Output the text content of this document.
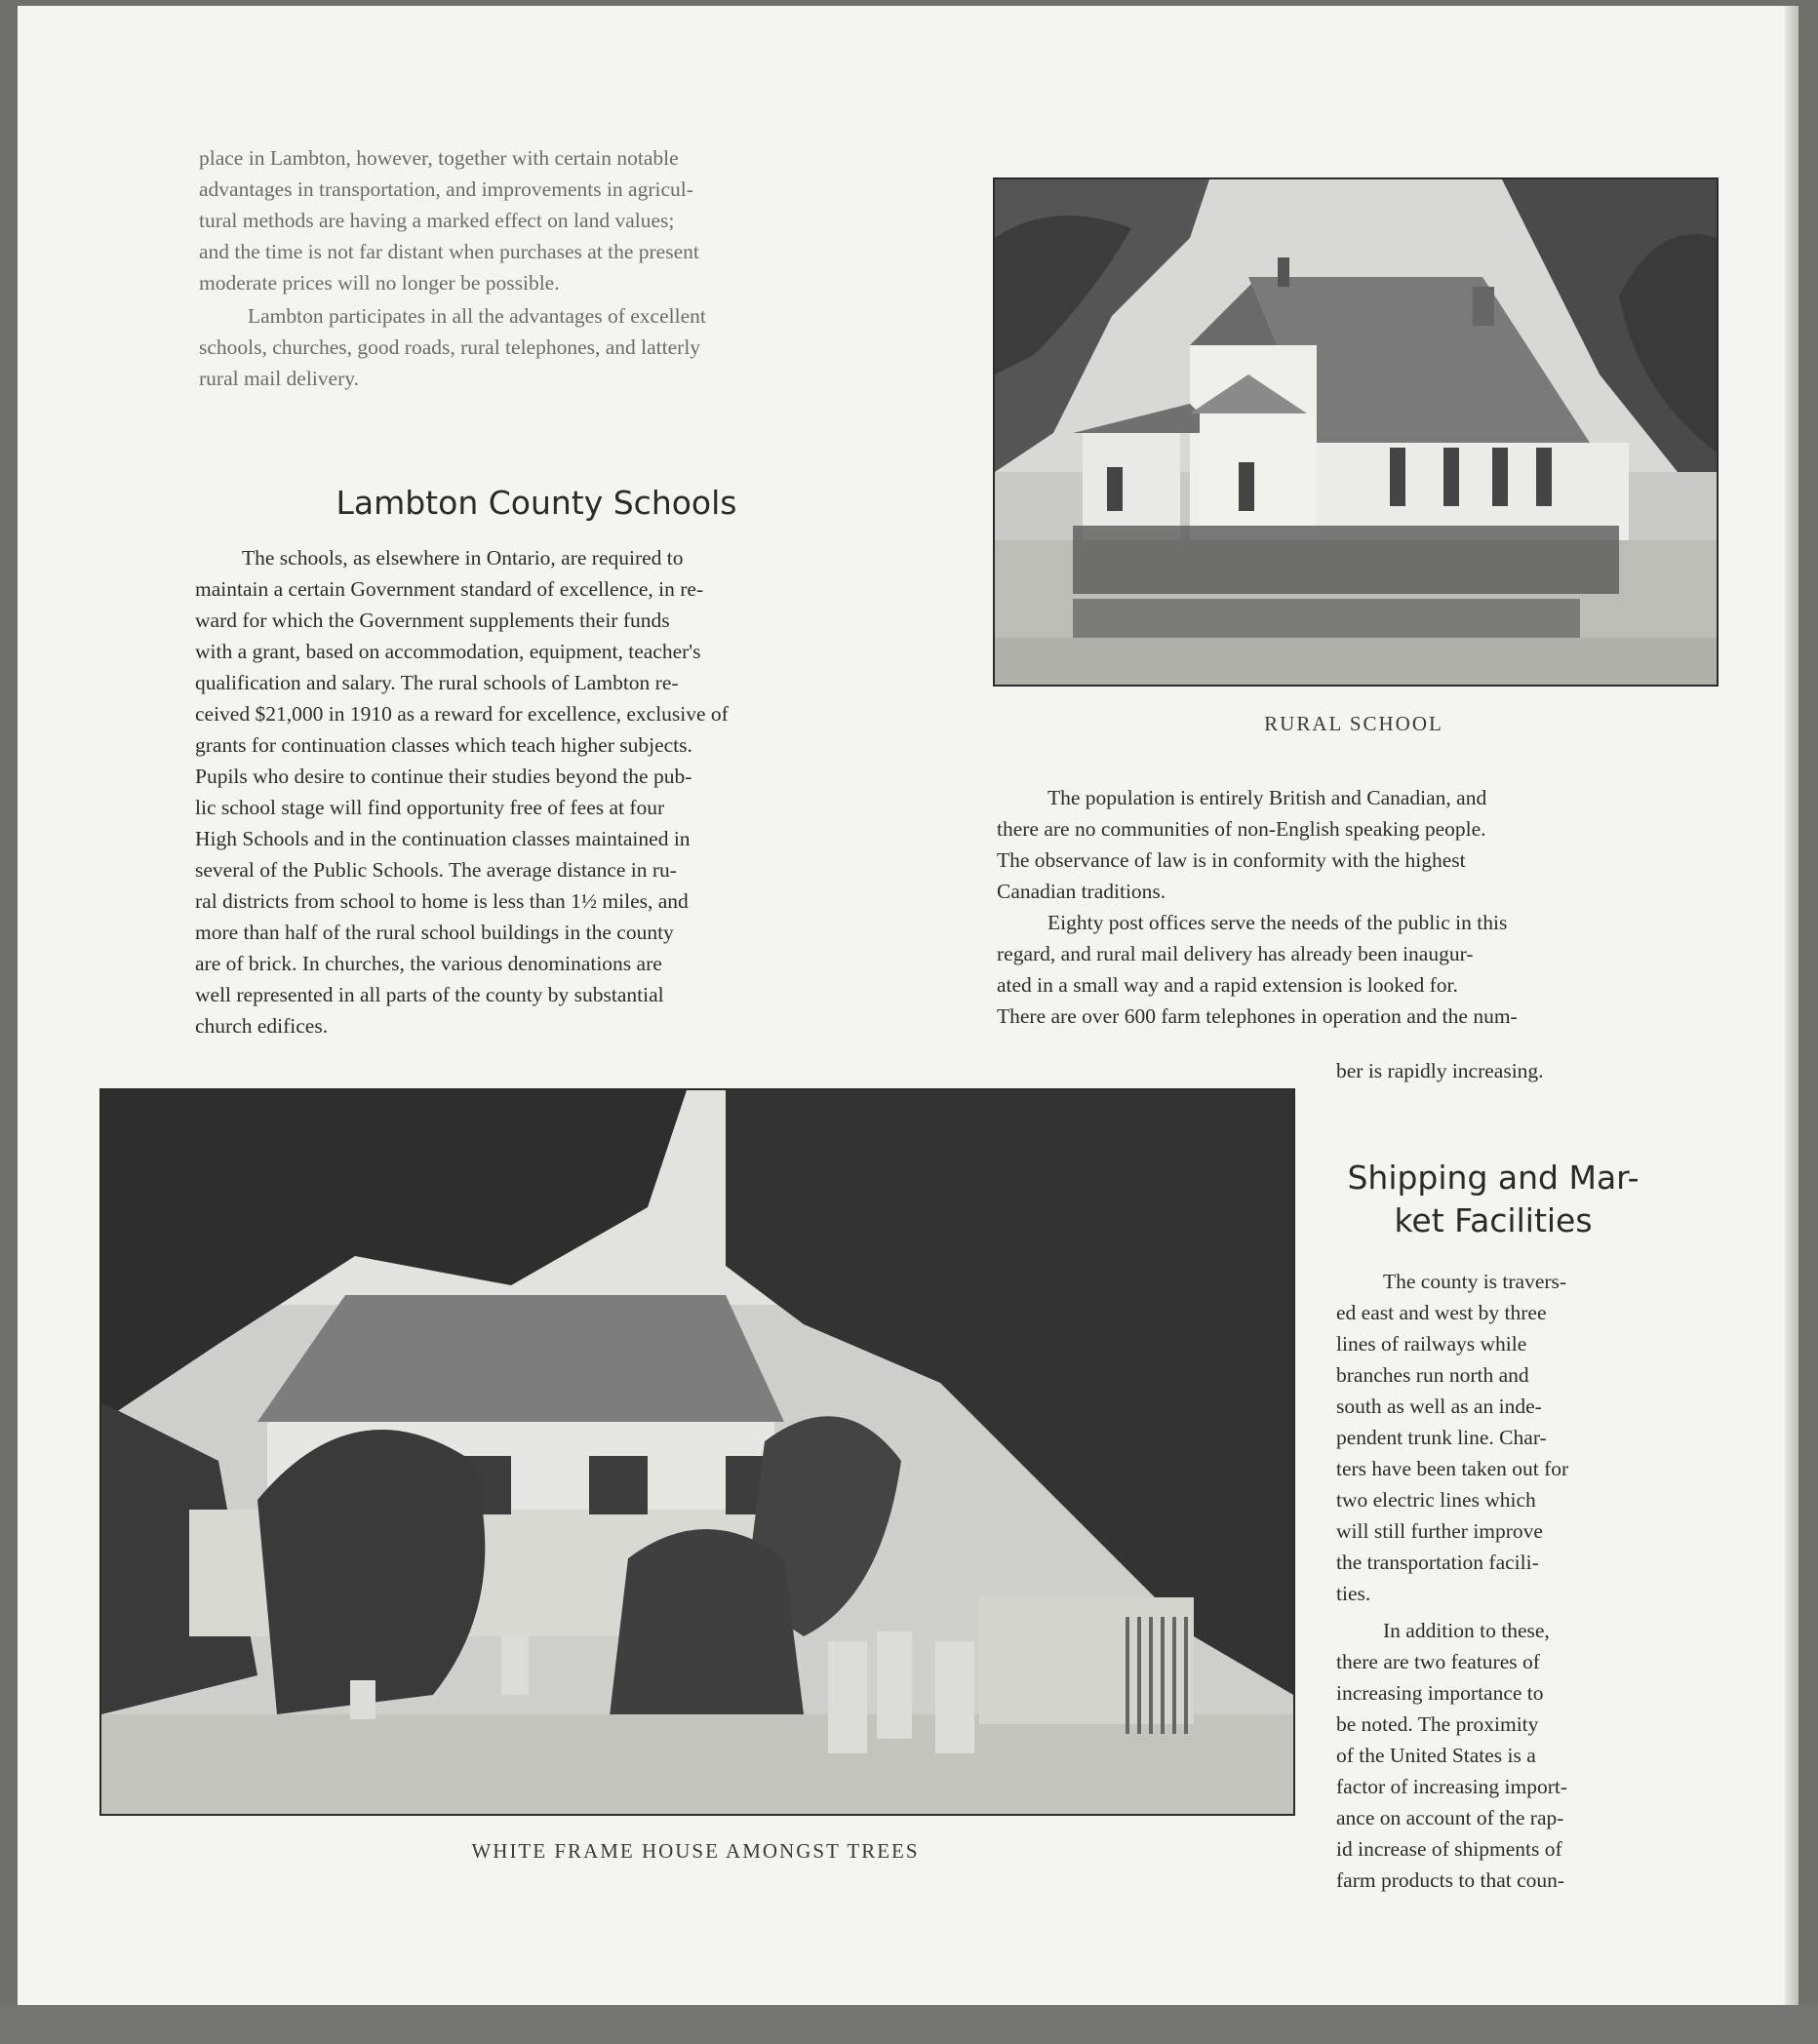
place in Lambton, however, together with certain notable
advantages in transportation, and improvements in agricul-
tural methods are having a marked effect on land values;
and the time is not far distant when purchases at the present
moderate prices will no longer be possible.
Lambton participates in all the advantages of excellent
schools, churches, good roads, rural telephones, and latterly
rural mail delivery.
Lambton County Schools
The schools, as elsewhere in Ontario, are required to
maintain a certain Government standard of excellence, in re-
ward for which the Government supplements their funds
with a grant, based on accommodation, equipment, teacher's
qualification and salary. The rural schools of Lambton re-
ceived $21,000 in 1910 as a reward for excellence, exclusive of
grants for continuation classes which teach higher subjects.
Pupils who desire to continue their studies beyond the pub-
lic school stage will find opportunity free of fees at four
High Schools and in the continuation classes maintained in
several of the Public Schools. The average distance in ru-
ral districts from school to home is less than 1½ miles, and
more than half of the rural school buildings in the county
are of brick. In churches, the various denominations are
well represented in all parts of the county by substantial
church edifices.

RURAL SCHOOL

The population is entirely British and Canadian, and
there are no communities of non-English speaking people.
The observance of law is in conformity with the highest
Canadian traditions.
Eighty post offices serve the needs of the public in this
regard, and rural mail delivery has already been inaugur-
ated in a small way and a rapid extension is looked for.
There are over 600 farm telephones in operation and the num-

ber is rapidly increasing.

WHITE FRAME HOUSE AMONGST TREES

Shipping and Mar-
ket Facilities
The county is travers-
ed east and west by three
lines of railways while
branches run north and
south as well as an inde-
pendent trunk line. Char-
ters have been taken out for
two electric lines which
will still further improve
the transportation facili-
ties.
In addition to these,
there are two features of
increasing importance to
be noted. The proximity
of the United States is a
factor of increasing import-
ance on account of the rap-
id increase of shipments of
farm products to that coun-
